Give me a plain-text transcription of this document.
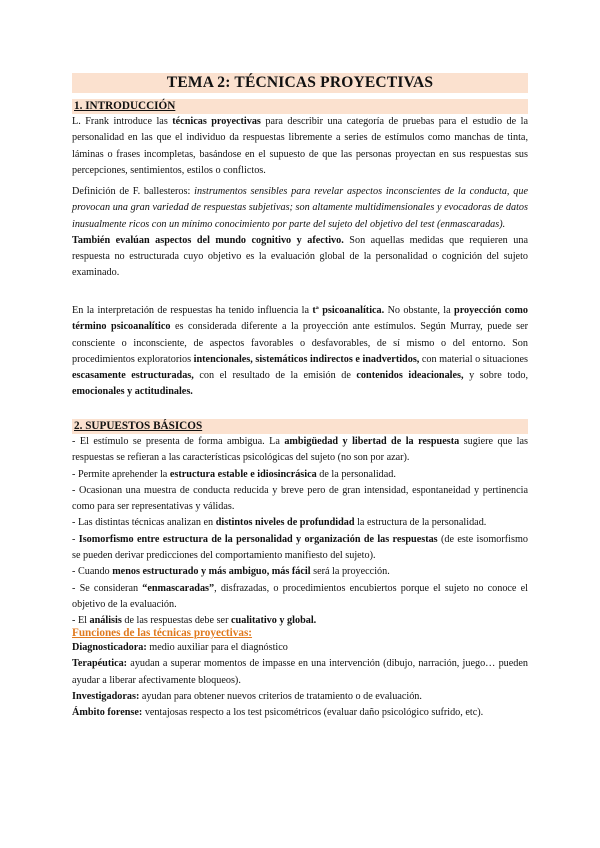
TEMA 2: TÉCNICAS PROYECTIVAS
1. INTRODUCCIÓN

L. Frank introduce las técnicas proyectivas para describir una categoría de pruebas para el estudio de la personalidad en las que el individuo da respuestas libremente a series de estímulos como manchas de tinta, láminas o frases incompletas, basándose en el supuesto de que las personas proyectan en sus respuestas sus percepciones, sentimientos, estilos o conflictos.

Definición de F. ballesteros: instrumentos sensibles para revelar aspectos inconscientes de la conducta, que provocan una gran variedad de respuestas subjetivas; son altamente multidimensionales y evocadoras de datos inusualmente ricos con un mínimo conocimiento por parte del sujeto del objetivo del test (enmascaradas).

También evalúan aspectos del mundo cognitivo y afectivo. Son aquellas medidas que requieren una respuesta no estructurada cuyo objetivo es la evaluación global de la personalidad o cognición del sujeto examinado.

En la interpretación de respuestas ha tenido influencia la tª psicoanalítica. No obstante, la proyección como término psicoanalítico es considerada diferente a la proyección ante estímulos. Según Murray, puede ser consciente o inconsciente, de aspectos favorables o desfavorables, de sí mismo o del entorno. Son procedimientos exploratorios intencionales, sistemáticos indirectos e inadvertidos, con material o situaciones escasamente estructuradas, con el resultado de la emisión de contenidos ideacionales, y sobre todo, emocionales y actitudinales.

2. SUPUESTOS BÁSICOS

- El estímulo se presenta de forma ambigua. La ambigüedad y libertad de la respuesta sugiere que las respuestas se refieran a las características psicológicas del sujeto (no son por azar).

- Permite aprehender la estructura estable e idiosincrásica de la personalidad.

- Ocasionan una muestra de conducta reducida y breve pero de gran intensidad, espontaneidad y pertinencia como para ser representativas y válidas.

- Las distintas técnicas analizan en distintos niveles de profundidad la estructura de la personalidad.

- Isomorfismo entre estructura de la personalidad y organización de las respuestas (de este isomorfismo se pueden derivar predicciones del comportamiento manifiesto del sujeto).

- Cuando menos estructurado y más ambiguo, más fácil será la proyección.

- Se consideran “enmascaradas”, disfrazadas, o procedimientos encubiertos porque el sujeto no conoce el objetivo de la evaluación.

- El análisis de las respuestas debe ser cualitativo y global.

Funciones de las técnicas proyectivas:

Diagnosticadora: medio auxiliar para el diagnóstico

Terapéutica: ayudan a superar momentos de impasse en una intervención (dibujo, narración, juego… pueden ayudar a liberar afectivamente bloqueos).

Investigadoras: ayudan para obtener nuevos criterios de tratamiento o de evaluación.

Ámbito forense: ventajosas respecto a los test psicométricos (evaluar daño psicológico sufrido, etc).
